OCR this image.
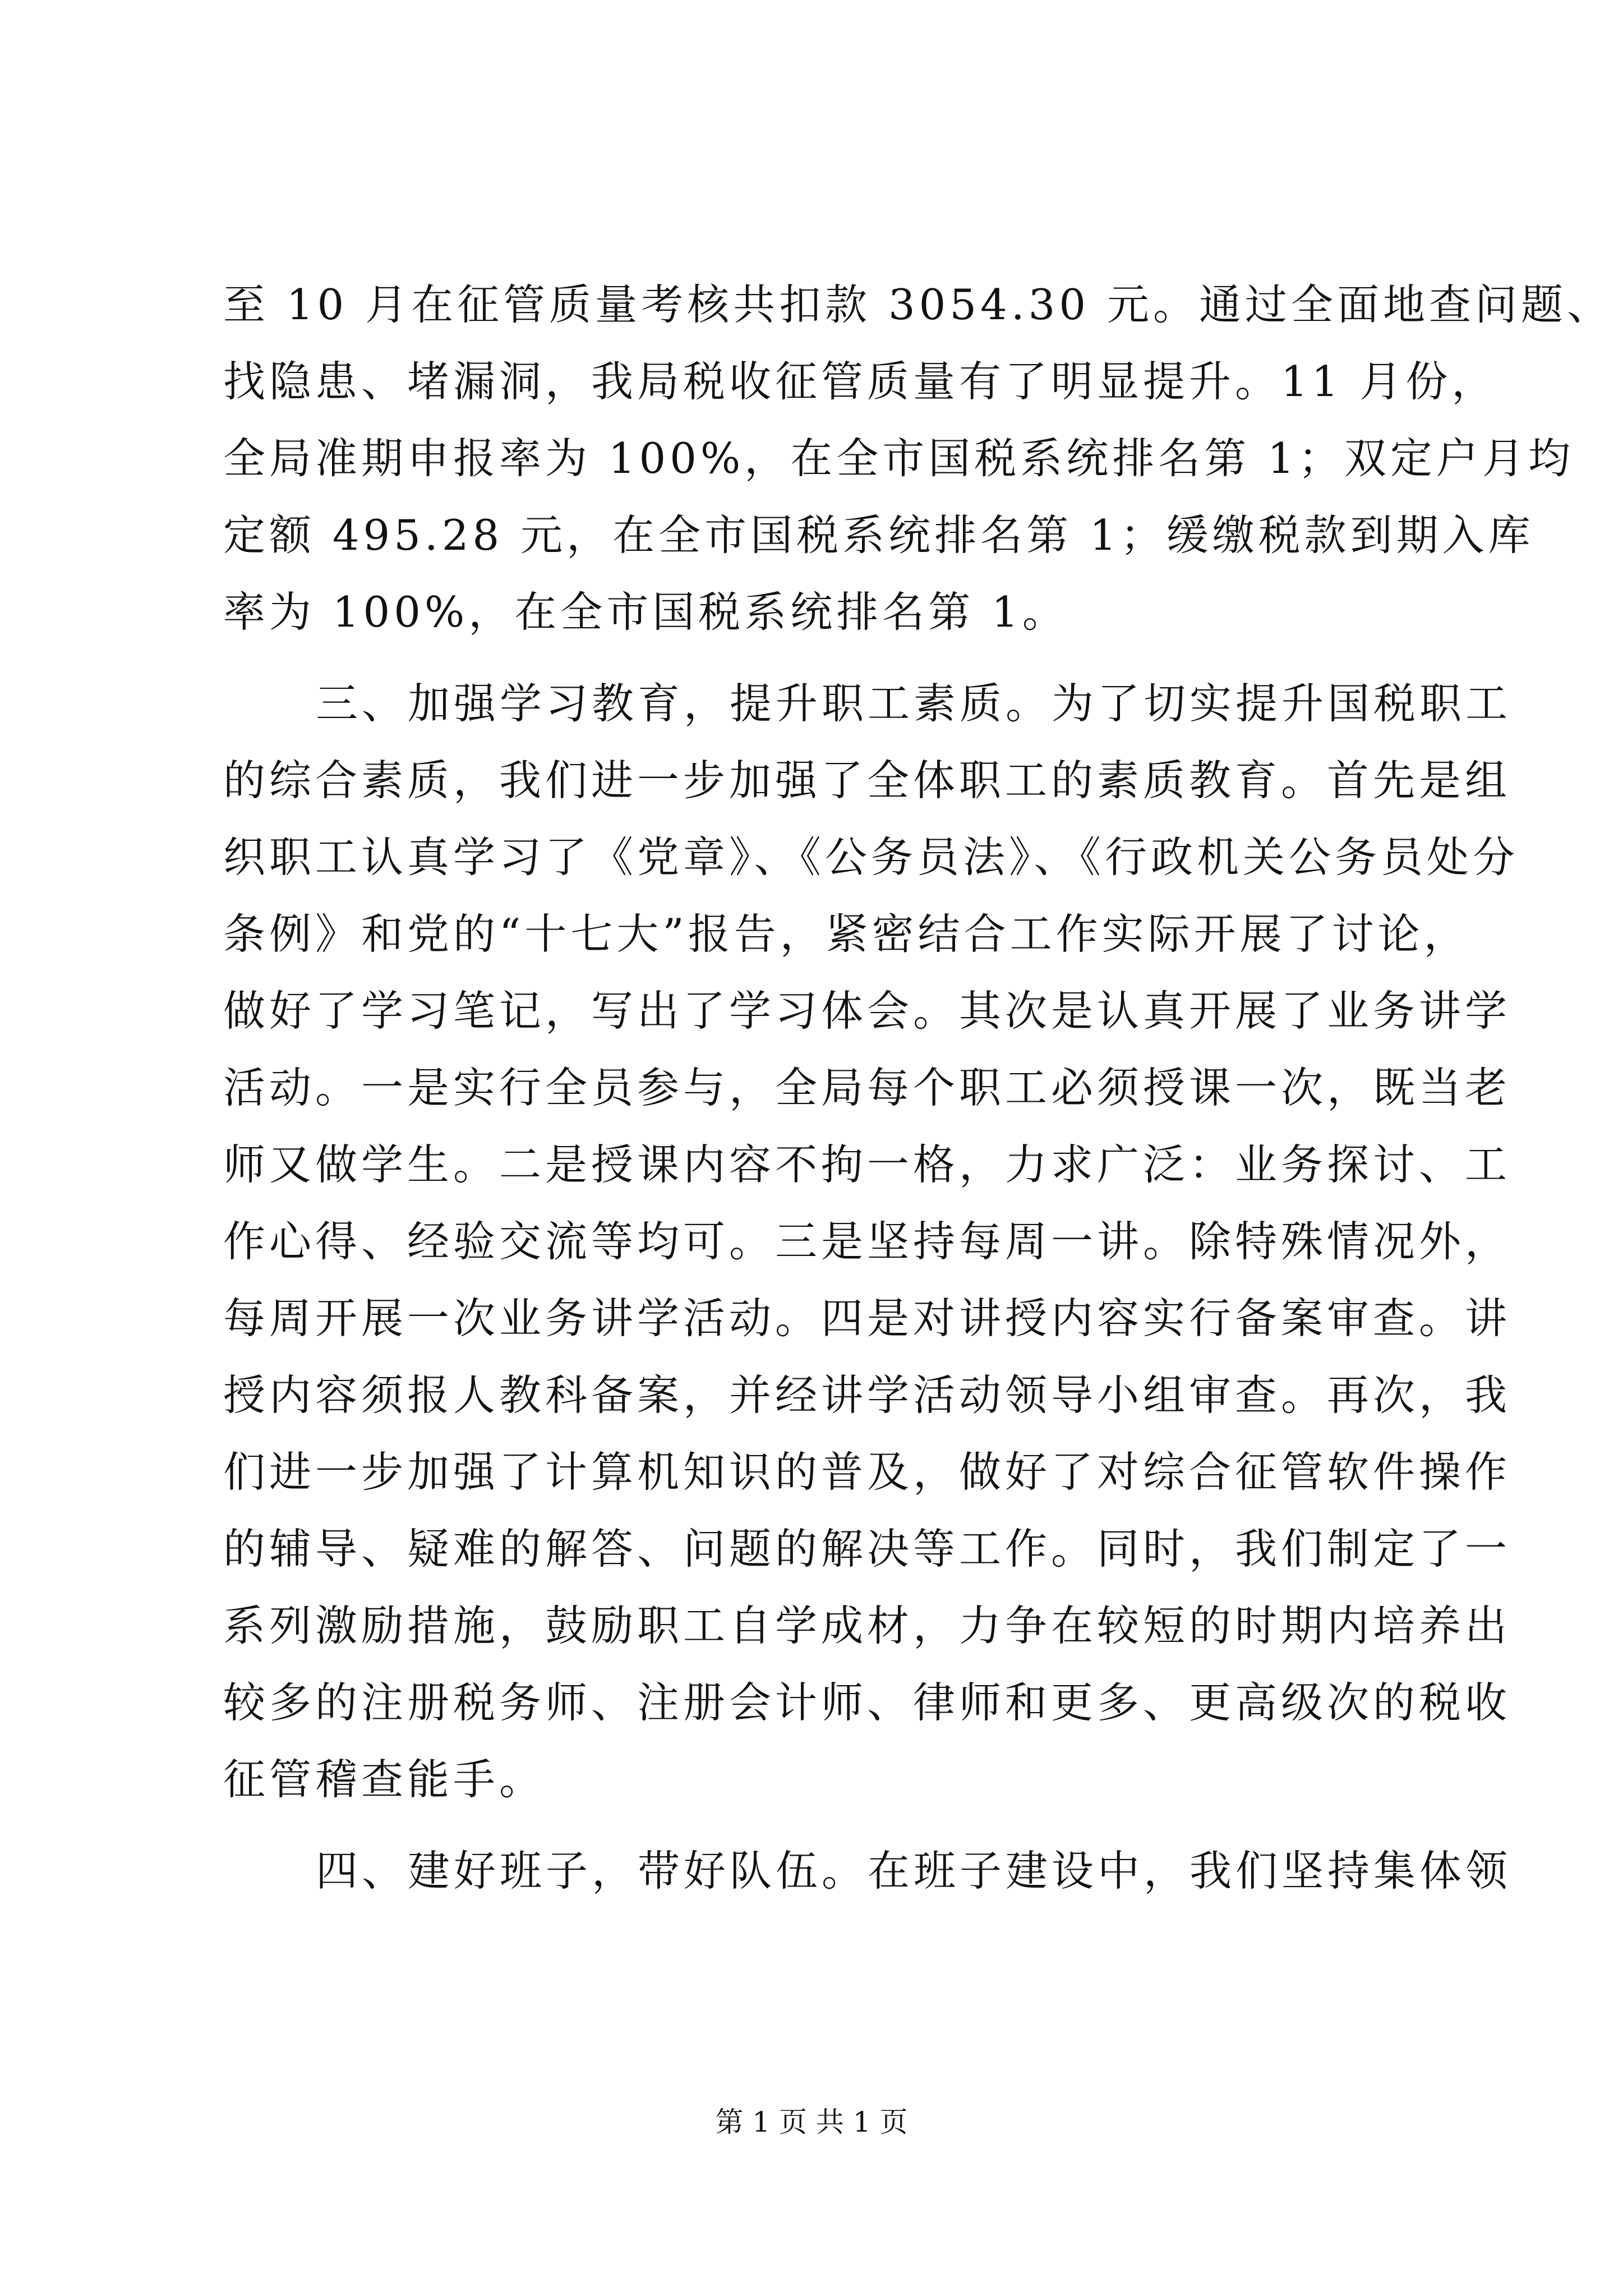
至 10 月在征管质量考核共扣款 3054.30 元。通过全面地查问题、
找隐患、堵漏洞，我局税收征管质量有了明显提升。11 月份，
全局准期申报率为 100%，在全市国税系统排名第 1；双定户月均
定额 495.28 元，在全市国税系统排名第 1；缓缴税款到期入库
率为 100%，在全市国税系统排名第 1。
三、加强学习教育，提升职工素质。为了切实提升国税职工
的综合素质，我们进一步加强了全体职工的素质教育。首先是组
织职工认真学习了《党章》、《公务员法》、《行政机关公务员处分
条例》和党的“十七大”报告，紧密结合工作实际开展了讨论，
做好了学习笔记，写出了学习体会。其次是认真开展了业务讲学
活动。一是实行全员参与，全局每个职工必须授课一次，既当老
师又做学生。二是授课内容不拘一格，力求广泛：业务探讨、工
作心得、经验交流等均可。三是坚持每周一讲。除特殊情况外，
每周开展一次业务讲学活动。四是对讲授内容实行备案审查。讲
授内容须报人教科备案，并经讲学活动领导小组审查。再次，我
们进一步加强了计算机知识的普及，做好了对综合征管软件操作
的辅导、疑难的解答、问题的解决等工作。同时，我们制定了一
系列激励措施，鼓励职工自学成材，力争在较短的时期内培养出
较多的注册税务师、注册会计师、律师和更多、更高级次的税收
征管稽查能手。
四、建好班子，带好队伍。在班子建设中，我们坚持集体领
第 1 页 共 1 页
